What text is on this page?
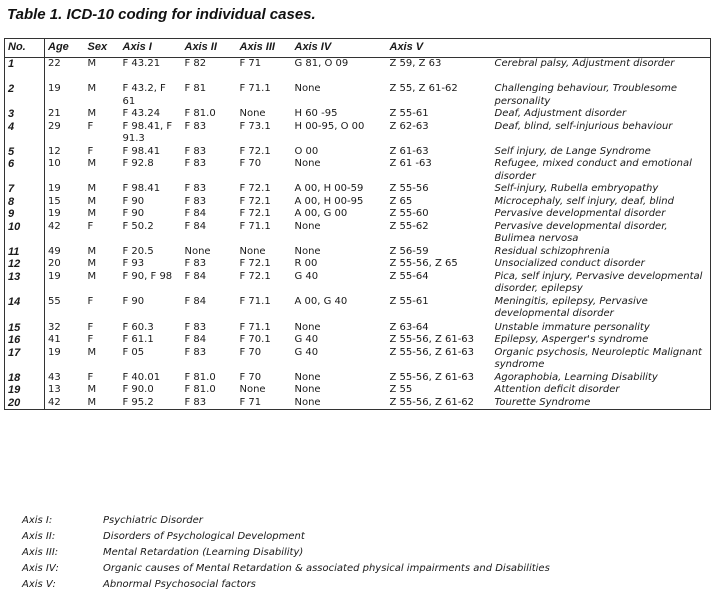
Table 1. ICD-10 coding for individual cases.
No.	Age	Sex	Axis I	Axis II	Axis III	Axis IV	Axis V	
1	22	M	F 43.21	F 82	F 71	G 81, O 09	Z 59, Z 63	Cerebral palsy, Adjustment disorder
2	19	M	F 43.2, F 61	F 81	F 71.1	None	Z 55, Z 61-62	Challenging behaviour, Troublesome personality
3	21	M	F 43.24	F 81.0	None	H 60 -95	Z 55-61	Deaf, Adjustment disorder
4	29	F	F 98.41, F 91.3	F 83	F 73.1	H 00-95, O 00	Z 62-63	Deaf, blind, self-injurious behaviour
5	12	F	F 98.41	F 83	F 72.1	O 00	Z 61-63	Self injury, de Lange Syndrome
6	10	M	F 92.8	F 83	F 70	None	Z 61 -63	Refugee, mixed conduct and emotional disorder
7	19	M	F 98.41	F 83	F 72.1	A 00, H 00-59	Z 55-56	Self-injury, Rubella embryopathy
8	15	M	F 90	F 83	F 72.1	A 00, H 00-95	Z 65	Microcephaly, self injury, deaf, blind
9	19	M	F 90	F 84	F 72.1	A 00, G 00	Z 55-60	Pervasive developmental disorder
10	42	F	F 50.2	F 84	F 71.1	None	Z 55-62	Pervasive developmental disorder, Bulimea nervosa
11	49	M	F 20.5	None	None	None	Z 56-59	Residual schizophrenia
12	20	M	F 93	F 83	F 72.1	R 00	Z 55-56, Z 65	Unsocialized conduct disorder
13	19	M	F 90, F 98	F 84	F 72.1	G 40	Z 55-64	Pica, self injury, Pervasive developmental disorder, epilepsy
14	55	F	F 90	F 84	F 71.1	A 00, G 40	Z 55-61	Meningitis, epilepsy, Pervasive developmental disorder
15	32	F	F 60.3	F 83	F 71.1	None	Z 63-64	Unstable immature personality
16	41	F	F 61.1	F 84	F 70.1	G 40	Z 55-56, Z 61-63	Epilepsy, Asperger's syndrome
17	19	M	F 05	F 83	F 70	G 40	Z 55-56, Z 61-63	Organic psychosis, Neuroleptic Malignant syndrome
18	43	F	F 40.01	F 81.0	F 70	None	Z 55-56, Z 61-63	Agoraphobia, Learning Disability
19	13	M	F 90.0	F 81.0	None	None	Z 55	Attention deficit disorder
20	42	M	F 95.2	F 83	F 71	None	Z 55-56, Z 61-62	Tourette Syndrome
Axis I:	Psychiatric Disorder
Axis II:	Disorders of Psychological Development
Axis III:	Mental Retardation (Learning Disability)
Axis IV:	Organic causes of Mental Retardation & associated physical impairments and Disabilities
Axis V:	Abnormal Psychosocial factors
